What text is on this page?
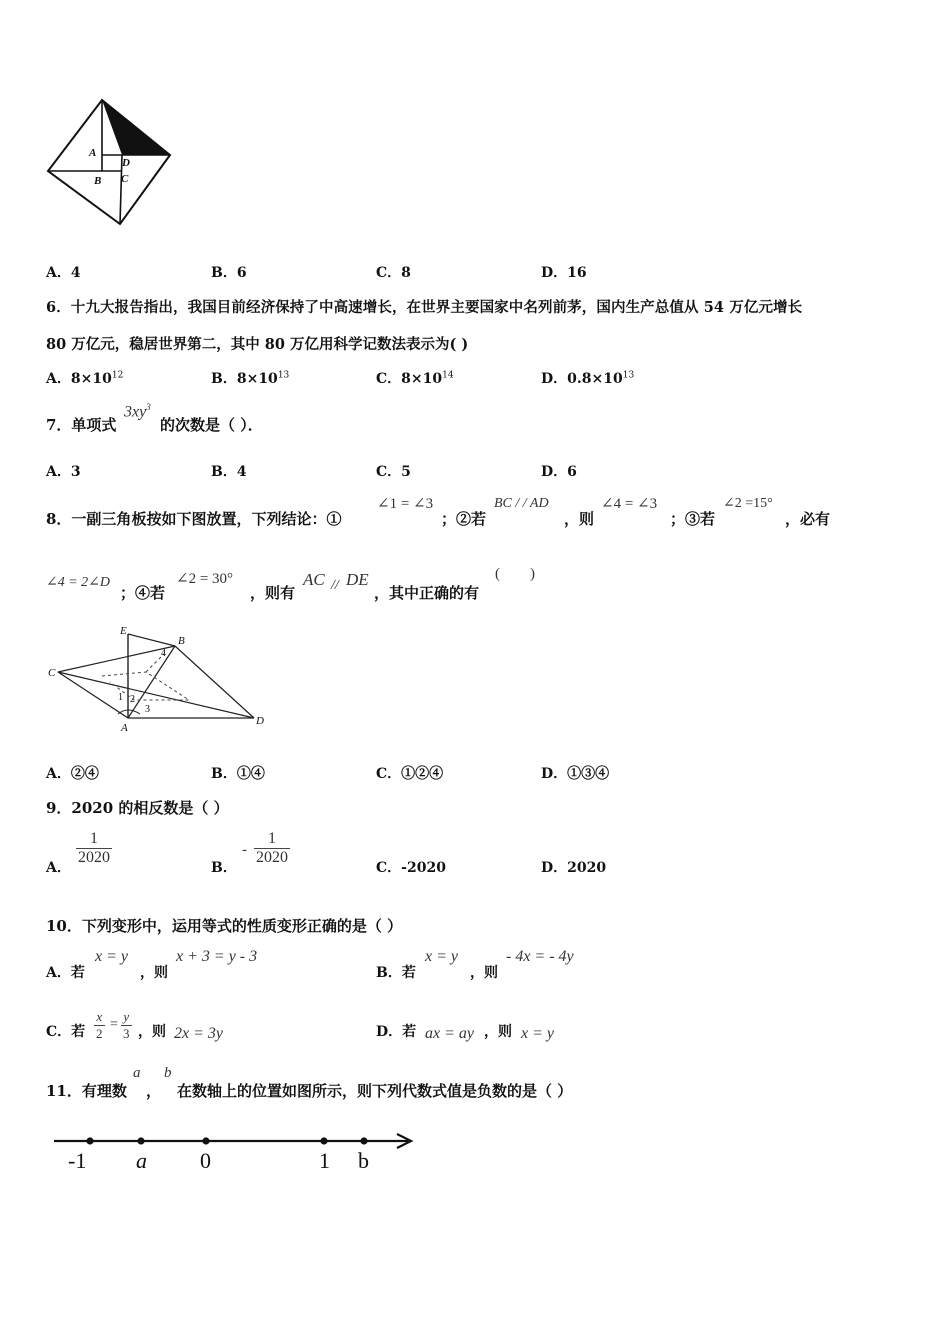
图(c)
A
D
B C
A．4	B．6	C．8	D．16
6．十九大报告指出，我国目前经济保持了中高速增长，在世界主要国家中名列前茅，国内生产总值从 54 万亿元增长
80 万亿元，稳居世界第二，其中 80 万亿用科学记数法表示为( )
A．$8\times 10^{12}$	B．$8\times 10^{13}$	C．$8\times 10^{14}$	D．$0.8\times 10^{13}$
7．单项式
$3xy^3$
的次数是（ ）．
A．3	B．4	C．5	D．6
8．一副三角板按如下图放置，下列结论：①
∠1 = ∠3
；②若
BC / / AD
，则
∠4 = ∠3
；③若
∠2 =15°
，必有
∠4 = 2∠D
；④若
∠2 = 30°
，则有
AC // DE
，其中正确的有
(        )
E
B
C
D
A
1 2
3
4
A．②④	B．①④	C．①②④	D．①③④
9．2020 的相反数是（ ）
A．
$\frac{1}{2020}$
B．
- $\frac{1}{2020}$
C．-2020	D．2020
10．下列变形中，运用等式的性质变形正确的是（ ）
A．若
x = y
，则
x + 3 = y - 3
B．若
x = y
，则
- 4x = - 4y
C．若 $\frac{x}{2} = \frac{y}{3}$ ，则 2x = 3y	D．若 ax = ay ，则 x = y
11．有理数
a
，
b
在数轴上的位置如图所示，则下列代数式值是负数的是（ ）
-1 a 0	1 b
